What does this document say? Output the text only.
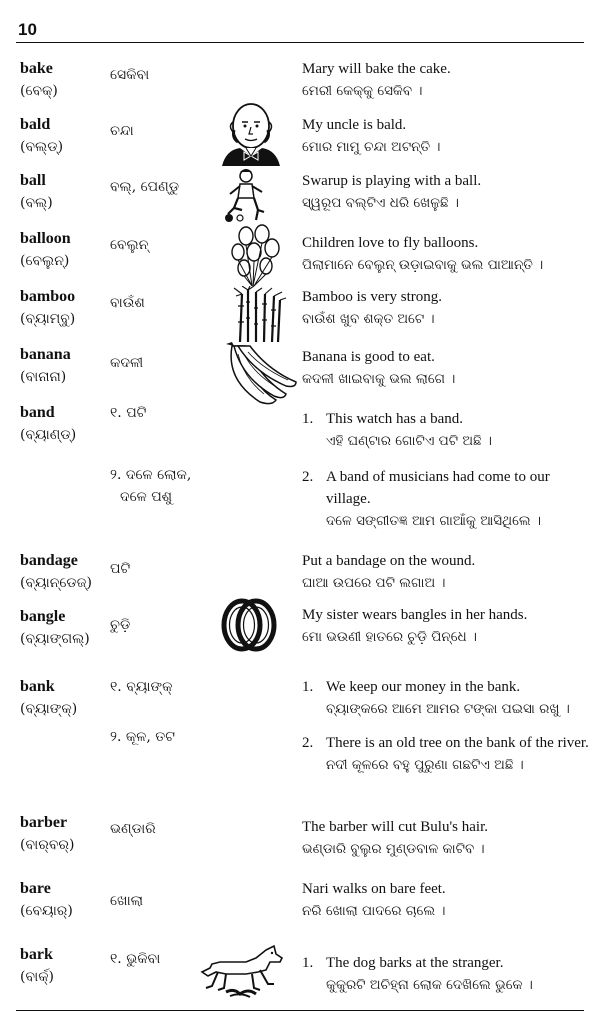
10
bake
(ବେକ୍)
ସେକିବା	Mary will bake the cake.
ମେରୀ କେକ୍‌କୁ ସେକିବ ।
bald
(ବଲ୍‌ଡ୍)
ଚନ୍ଦା	My uncle is bald.
ମୋର ମାମୁ ଚନ୍ଦା ଅଟନ୍ତି ।
ball
(ବଲ୍)
ବଲ୍, ପେଣ୍ଡୁ	Swarup is playing with a ball.
ସ୍ୱରୂପ ବଲ୍‌ଟିଏ ଧରି ଖେଳୁଛି ।
balloon
(ବେଲୁନ୍)
ବେଲୁନ୍	Children love to fly balloons.
ପିଲାମାନେ ବେଲୁନ୍ ଉଡ଼ାଇବାକୁ ଭଲ ପାଆନ୍ତି ।
bamboo
(ବ୍ୟାମ୍‌ବୁ)
ବାଉଁଶ	Bamboo is very strong.
ବାଉଁଶ ଖୁବ ଶକ୍ତ ଅଟେ ।
banana
(ବାନାନା)
କଦଳୀ	Banana is good to eat.
କଦଳୀ ଖାଇବାକୁ ଭଲ ଲାଗେ ।
band
(ବ୍ୟାଣ୍ଡ୍)
୧. ପଟି
୨. ଦଳେ ଲୋକ,
ଦଳେ ପଶୁ
1. This watch has a band.
ଏହି ଘଣ୍ଟାର ଗୋଟିଏ ପଟି ଅଛି ।
2. A band of musicians had come to our village.
ଦଳେ ସଙ୍ଗୀତଜ୍ଞ ଆମ ଗାଆଁକୁ ଆସିଥିଲେ ।
bandage
(ବ୍ୟାନ୍‌ଡେଜ୍)
ପଟି	Put a bandage on the wound.
ଘାଆ ଉପରେ ପଟି ଲଗାଅ ।
bangle
(ବ୍ୟାଙ୍ଗଲ୍)
ଚୁଡ଼ି
My sister wears bangles in her hands.
ମୋ ଭଉଣୀ ହାତରେ ଚୁଡ଼ି ପିନ୍ଧେ ।
bank
(ବ୍ୟାଙ୍କ୍)
୧. ବ୍ୟାଙ୍କ୍
୨. କୂଳ, ତଟ
1. We keep our money in the bank.
ବ୍ୟାଙ୍କରେ ଆମେ ଆମର ଟଙ୍କା ପଇସା ରଖୁ ।
2. There is an old tree on the bank of the river.
ନଦୀ କୂଳରେ ବହୁ ପୁରୁଣା ଗଛଟିଏ ଅଛି ।
barber
(ବାର୍‌ବର୍)
ଭଣ୍ଡାରି	The barber will cut Bulu's hair.
ଭଣ୍ଡାରି ବୁଲୁର ମୁଣ୍ଡବାଳ କାଟିବ ।
bare
(ବେୟାର୍)
ଖୋଲା
Nari walks on bare feet.
ନରି ଖୋଲା ପାଦରେ ଚାଲେ ।
bark
(ବାର୍କ୍)
୧. ଭୁକିବା	1. The dog barks at the stranger.
କୁକୁରଟି ଅଚିହ୍ନା ଲୋକ ଦେଖିଲେ ଭୁକେ ।
